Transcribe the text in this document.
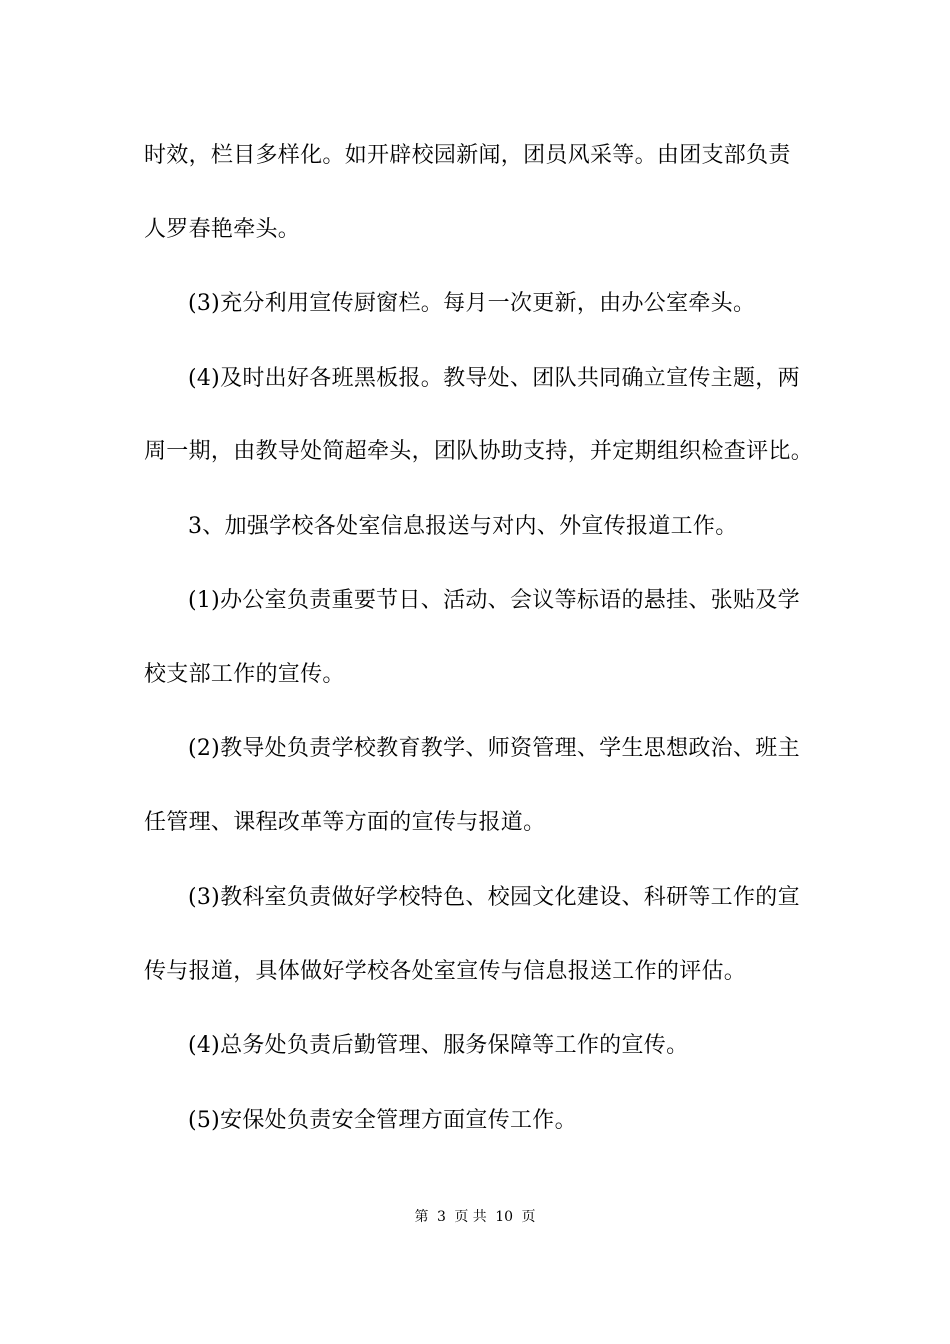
时效，栏目多样化。如开辟校园新闻，团员风采等。由团支部负责
人罗春艳牵头。
(3)充分利用宣传厨窗栏。每月一次更新，由办公室牵头。
(4)及时出好各班黑板报。教导处、团队共同确立宣传主题，两
周一期，由教导处简超牵头，团队协助支持，并定期组织检查评比。
3、加强学校各处室信息报送与对内、外宣传报道工作。
(1)办公室负责重要节日、活动、会议等标语的悬挂、张贴及学
校支部工作的宣传。
(2)教导处负责学校教育教学、师资管理、学生思想政治、班主
任管理、课程改革等方面的宣传与报道。
(3)教科室负责做好学校特色、校园文化建设、科研等工作的宣
传与报道，具体做好学校各处室宣传与信息报送工作的评估。
(4)总务处负责后勤管理、服务保障等工作的宣传。
(5)安保处负责安全管理方面宣传工作。
第 3 页 共 10 页
